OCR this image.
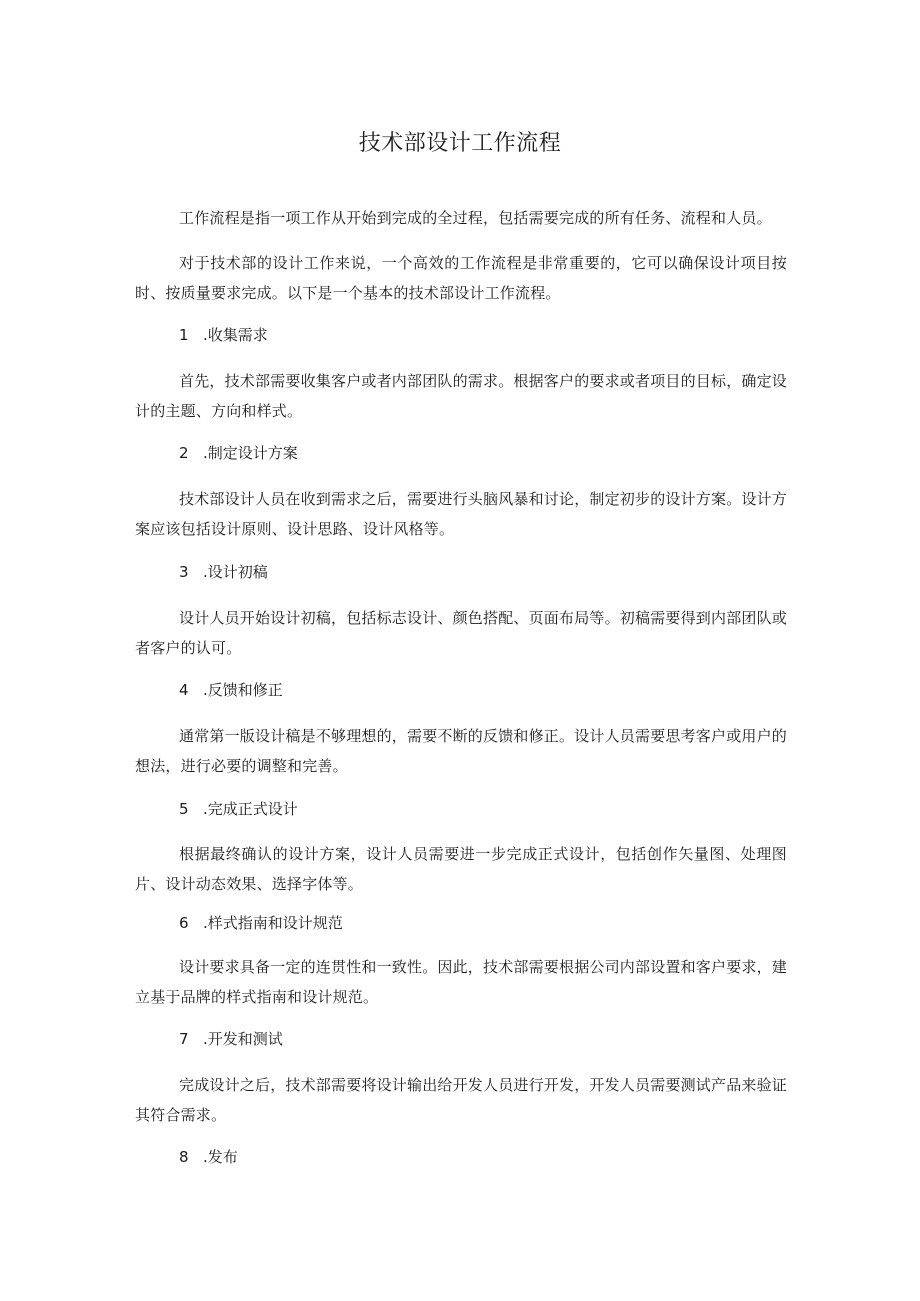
技术部设计工作流程

工作流程是指一项工作从开始到完成的全过程，包括需要完成的所有任务、流程和人员。

对于技术部的设计工作来说，一个高效的工作流程是非常重要的，它可以确保设计项目按时、按质量要求完成。以下是一个基本的技术部设计工作流程。

1 .收集需求

首先，技术部需要收集客户或者内部团队的需求。根据客户的要求或者项目的目标，确定设计的主题、方向和样式。

2 .制定设计方案

技术部设计人员在收到需求之后，需要进行头脑风暴和讨论，制定初步的设计方案。设计方案应该包括设计原则、设计思路、设计风格等。

3 .设计初稿

设计人员开始设计初稿，包括标志设计、颜色搭配、页面布局等。初稿需要得到内部团队或者客户的认可。

4 .反馈和修正

通常第一版设计稿是不够理想的，需要不断的反馈和修正。设计人员需要思考客户或用户的想法，进行必要的调整和完善。

5 .完成正式设计

根据最终确认的设计方案，设计人员需要进一步完成正式设计，包括创作矢量图、处理图片、设计动态效果、选择字体等。

6 .样式指南和设计规范

设计要求具备一定的连贯性和一致性。因此，技术部需要根据公司内部设置和客户要求，建立基于品牌的样式指南和设计规范。

7 .开发和测试

完成设计之后，技术部需要将设计输出给开发人员进行开发，开发人员需要测试产品来验证其符合需求。

8 .发布
